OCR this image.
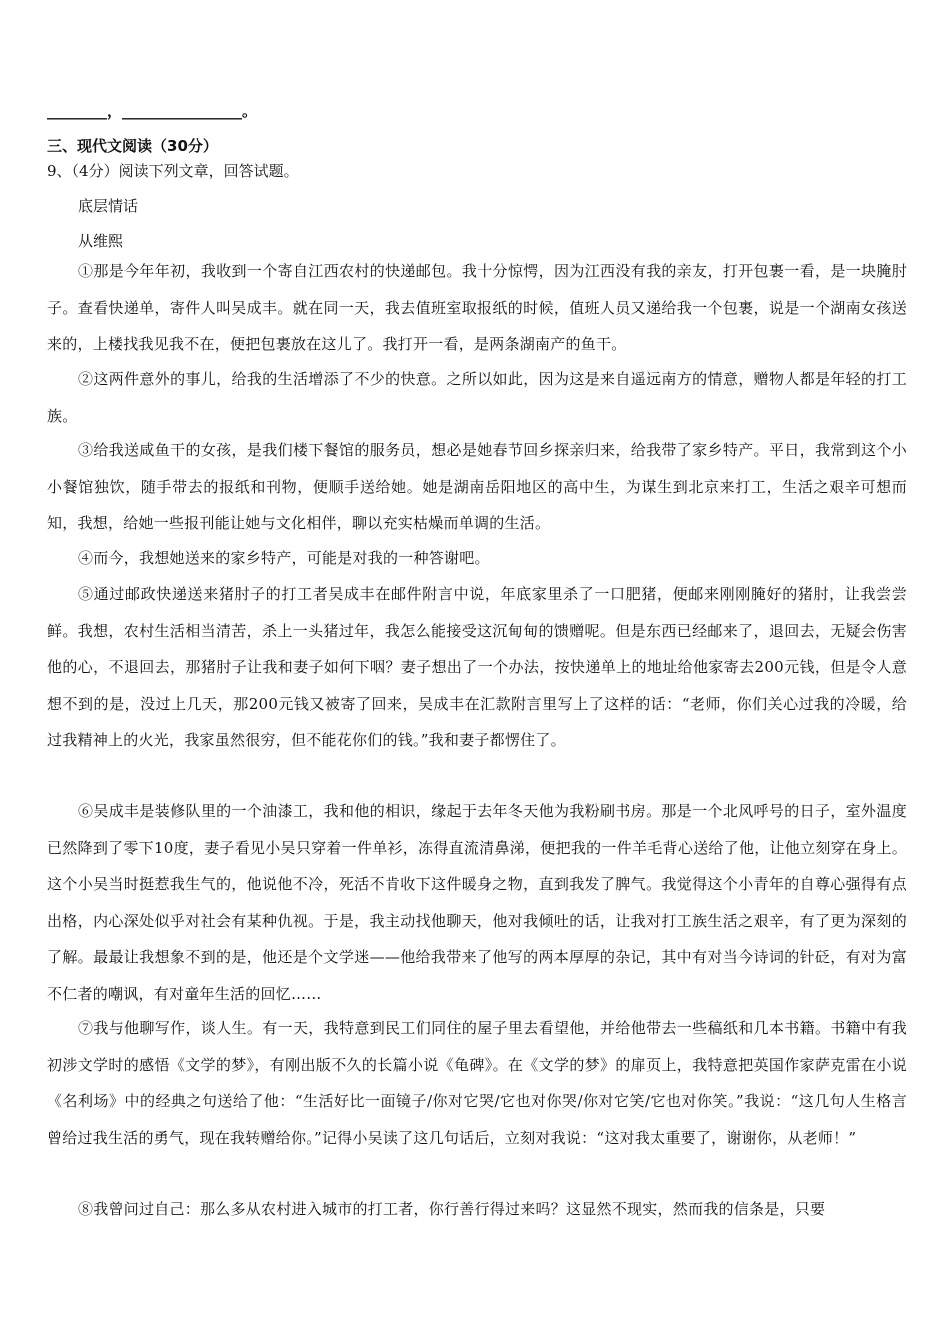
________，________________。
三、现代文阅读（30分）
9、（4分）阅读下列文章，回答试题。
底层情话
从维熙
①那是今年年初，我收到一个寄自江西农村的快递邮包。我十分惊愕，因为江西没有我的亲友，打开包裹一看，是一块腌肘子。查看快递单，寄件人叫吴成丰。就在同一天，我去值班室取报纸的时候，值班人员又递给我一个包裹，说是一个湖南女孩送来的，上楼找我见我不在，便把包裹放在这儿了。我打开一看，是两条湖南产的鱼干。
②这两件意外的事儿，给我的生活增添了不少的快意。之所以如此，因为这是来自遥远南方的情意，赠物人都是年轻的打工族。
③给我送咸鱼干的女孩，是我们楼下餐馆的服务员，想必是她春节回乡探亲归来，给我带了家乡特产。平日，我常到这个小小餐馆独饮，随手带去的报纸和刊物，便顺手送给她。她是湖南岳阳地区的高中生，为谋生到北京来打工，生活之艰辛可想而知，我想，给她一些报刊能让她与文化相伴，聊以充实枯燥而单调的生活。
④而今，我想她送来的家乡特产，可能是对我的一种答谢吧。
⑤通过邮政快递送来猪肘子的打工者吴成丰在邮件附言中说，年底家里杀了一口肥猪，便邮来刚刚腌好的猪肘，让我尝尝鲜。我想，农村生活相当清苦，杀上一头猪过年，我怎么能接受这沉甸甸的馈赠呢。但是东西已经邮来了，退回去，无疑会伤害他的心，不退回去，那猪肘子让我和妻子如何下咽？妻子想出了一个办法，按快递单上的地址给他家寄去200元钱，但是令人意想不到的是，没过上几天，那200元钱又被寄了回来，吴成丰在汇款附言里写上了这样的话：“老师，你们关心过我的冷暖，给过我精神上的火光，我家虽然很穷，但不能花你们的钱。”我和妻子都愣住了。
⑥吴成丰是装修队里的一个油漆工，我和他的相识，缘起于去年冬天他为我粉刷书房。那是一个北风呼号的日子，室外温度已然降到了零下10度，妻子看见小吴只穿着一件单衫，冻得直流清鼻涕，便把我的一件羊毛背心送给了他，让他立刻穿在身上。这个小吴当时挺惹我生气的，他说他不冷，死活不肯收下这件暖身之物，直到我发了脾气。我觉得这个小青年的自尊心强得有点出格，内心深处似乎对社会有某种仇视。于是，我主动找他聊天，他对我倾吐的话，让我对打工族生活之艰辛，有了更为深刻的了解。最最让我想象不到的是，他还是个文学迷——他给我带来了他写的两本厚厚的杂记，其中有对当今诗词的针砭，有对为富不仁者的嘲讽，有对童年生活的回忆……
⑦我与他聊写作，谈人生。有一天，我特意到民工们同住的屋子里去看望他，并给他带去一些稿纸和几本书籍。书籍中有我初涉文学时的感悟《文学的梦》，有刚出版不久的长篇小说《龟碑》。在《文学的梦》的扉页上，我特意把英国作家萨克雷在小说《名利场》中的经典之句送给了他：“生活好比一面镜子/你对它哭/它也对你哭/你对它笑/它也对你笑。”我说：“这几句人生格言曾给过我生活的勇气，现在我转赠给你。”记得小吴读了这几句话后，立刻对我说：“这对我太重要了，谢谢你，从老师！”
⑧我曾问过自己：那么多从农村进入城市的打工者，你行善行得过来吗？这显然不现实，然而我的信条是，只要
